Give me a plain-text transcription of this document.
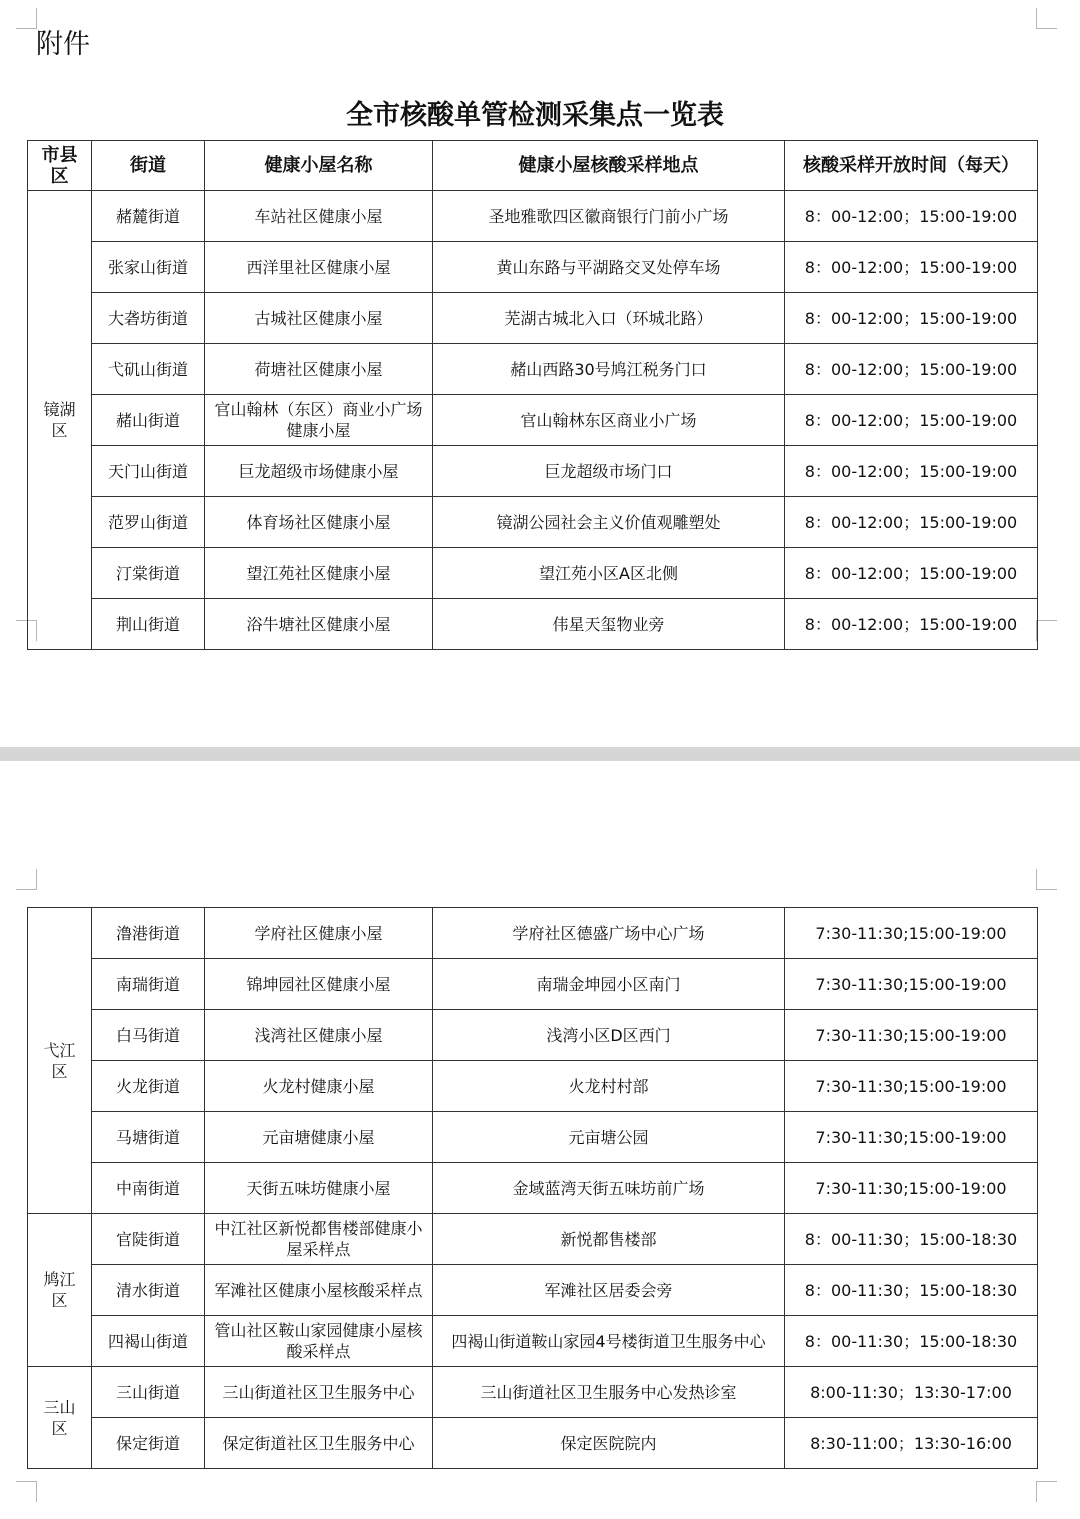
附件
全市核酸单管检测采集点一览表
市县区	街道	健康小屋名称	健康小屋核酸采样地点	核酸采样开放时间（每天）
镜湖区	赭麓街道	车站社区健康小屋	圣地雅歌四区徽商银行门前小广场	8：00-12:00；15:00-19:00
	张家山街道	西洋里社区健康小屋	黄山东路与平湖路交叉处停车场	8：00-12:00；15:00-19:00
	大砻坊街道	古城社区健康小屋	芜湖古城北入口（环城北路）	8：00-12:00；15:00-19:00
	弋矶山街道	荷塘社区健康小屋	赭山西路30号鸠江税务门口	8：00-12:00；15:00-19:00
	赭山街道	官山翰林（东区）商业小广场健康小屋	官山翰林东区商业小广场	8：00-12:00；15:00-19:00
	天门山街道	巨龙超级市场健康小屋	巨龙超级市场门口	8：00-12:00；15:00-19:00
	范罗山街道	体育场社区健康小屋	镜湖公园社会主义价值观雕塑处	8：00-12:00；15:00-19:00
	汀棠街道	望江苑社区健康小屋	望江苑小区A区北侧	8：00-12:00；15:00-19:00
	荆山街道	浴牛塘社区健康小屋	伟星天玺物业旁	8：00-12:00；15:00-19:00
弋江区	澛港街道	学府社区健康小屋	学府社区德盛广场中心广场	7:30-11:30;15:00-19:00
	南瑞街道	锦坤园社区健康小屋	南瑞金坤园小区南门	7:30-11:30;15:00-19:00
	白马街道	浅湾社区健康小屋	浅湾小区D区西门	7:30-11:30;15:00-19:00
	火龙街道	火龙村健康小屋	火龙村村部	7:30-11:30;15:00-19:00
	马塘街道	元亩塘健康小屋	元亩塘公园	7:30-11:30;15:00-19:00
	中南街道	天街五味坊健康小屋	金域蓝湾天街五味坊前广场	7:30-11:30;15:00-19:00
鸠江区	官陡街道	中江社区新悦都售楼部健康小屋采样点	新悦都售楼部	8：00-11:30；15:00-18:30
	清水街道	军滩社区健康小屋核酸采样点	军滩社区居委会旁	8：00-11:30；15:00-18:30
	四褐山街道	管山社区鞍山家园健康小屋核酸采样点	四褐山街道鞍山家园4号楼街道卫生服务中心	8：00-11:30；15:00-18:30
三山区	三山街道	三山街道社区卫生服务中心	三山街道社区卫生服务中心发热诊室	8:00-11:30；13:30-17:00
	保定街道	保定街道社区卫生服务中心	保定医院院内	8:30-11:00；13:30-16:00
